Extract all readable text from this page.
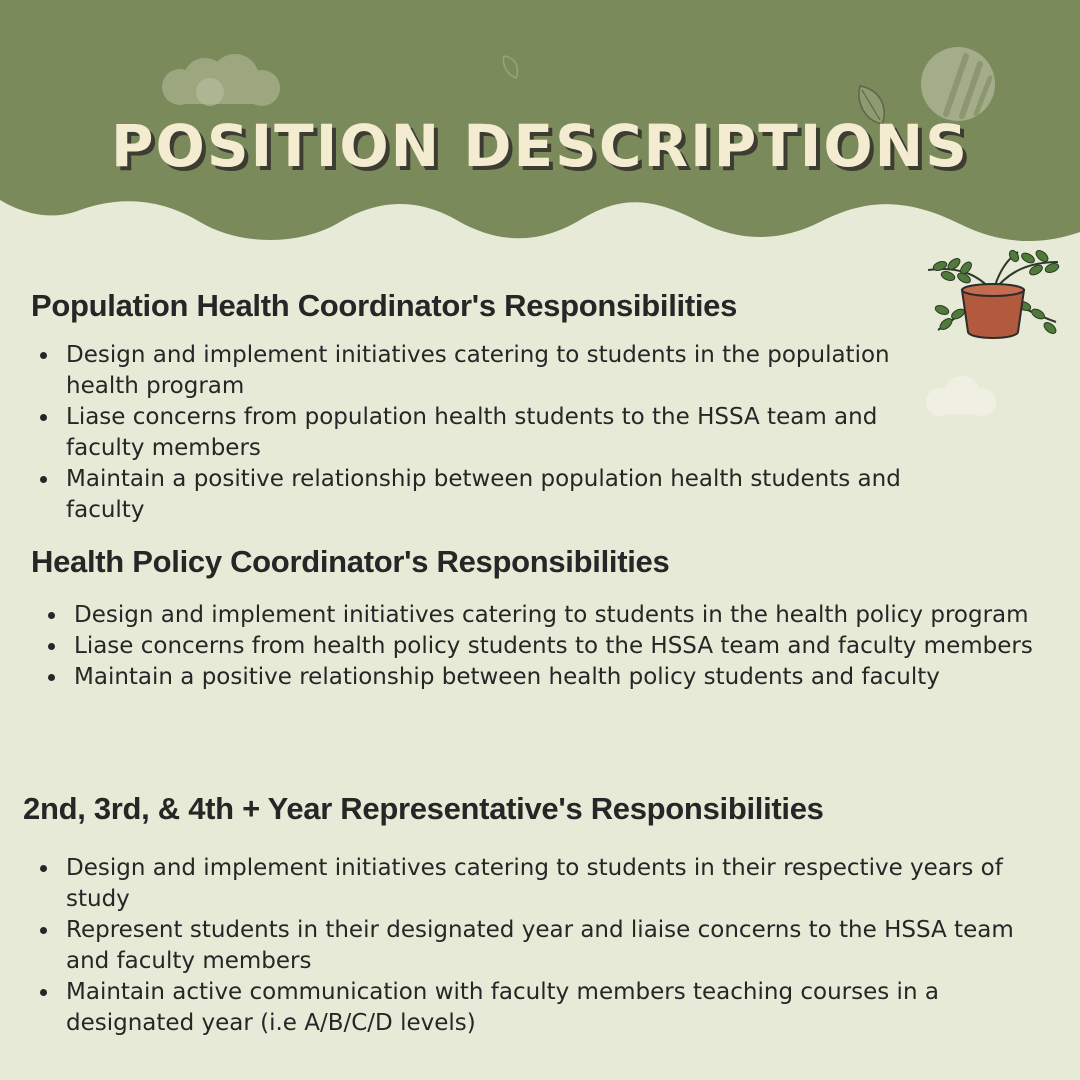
POSITION DESCRIPTIONS
Population Health Coordinator's Responsibilities
Design and implement initiatives catering to students in the population health program
Liase concerns from population health students to the HSSA team and faculty members
Maintain a positive relationship between population health students and faculty
Health Policy Coordinator's Responsibilities
Design and implement initiatives catering to students in the health policy program
Liase concerns from health policy students to the HSSA team and faculty members
Maintain a positive relationship between health policy students and faculty
2nd, 3rd, & 4th + Year Representative's Responsibilities
Design and implement initiatives catering to students in their respective years of study
Represent students in their designated year and liaise concerns to the HSSA team and faculty members
Maintain active communication with faculty members teaching courses in a designated year (i.e A/B/C/D levels)
